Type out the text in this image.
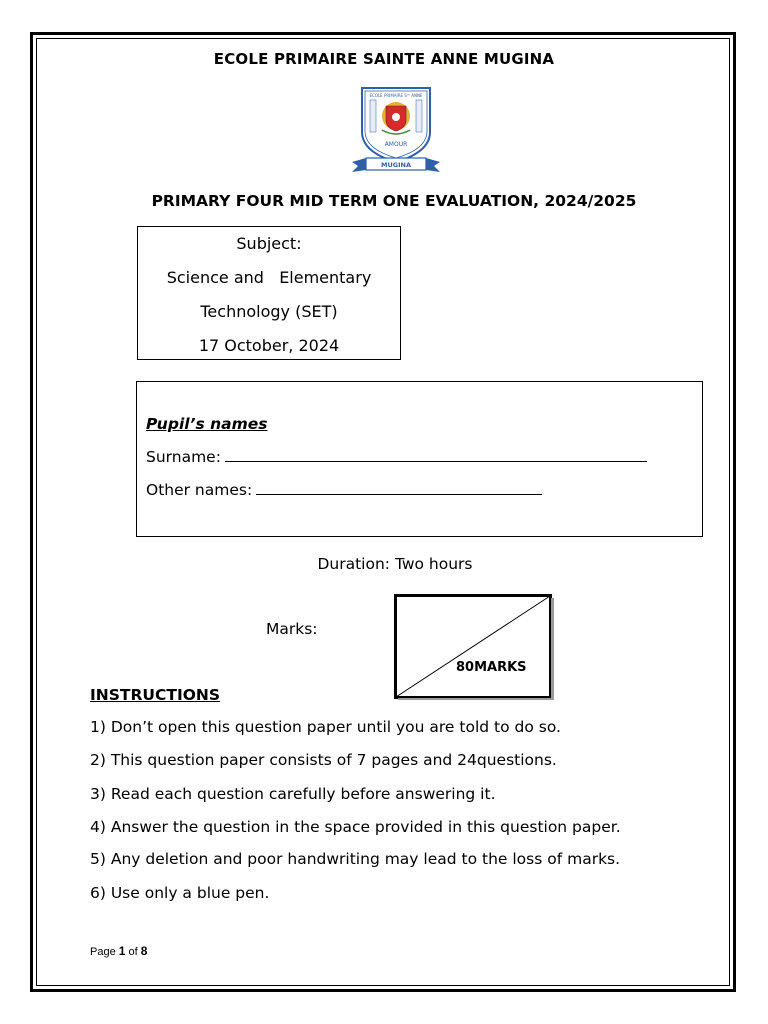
ECOLE PRIMAIRE SAINTE ANNE MUGINA
ECOLE PRIMAIRE Sᵀᴱ ANNE
AMOUR
MUGINA
PRIMARY FOUR MID TERM ONE EVALUATION, 2024/2025
Subject:
Science and   Elementary
Technology (SET)
17 October, 2024
Pupil’s names
Surname:
Other names:
Duration: Two hours
Marks:
80MARKS
INSTRUCTIONS
1) Don’t open this question paper until you are told to do so.
2) This question paper consists of 7 pages and 24questions.
3) Read each question carefully before answering it.
4) Answer the question in the space provided in this question paper.
5) Any deletion and poor handwriting may lead to the loss of marks.
6) Use only a blue pen.
Page 1 of 8
